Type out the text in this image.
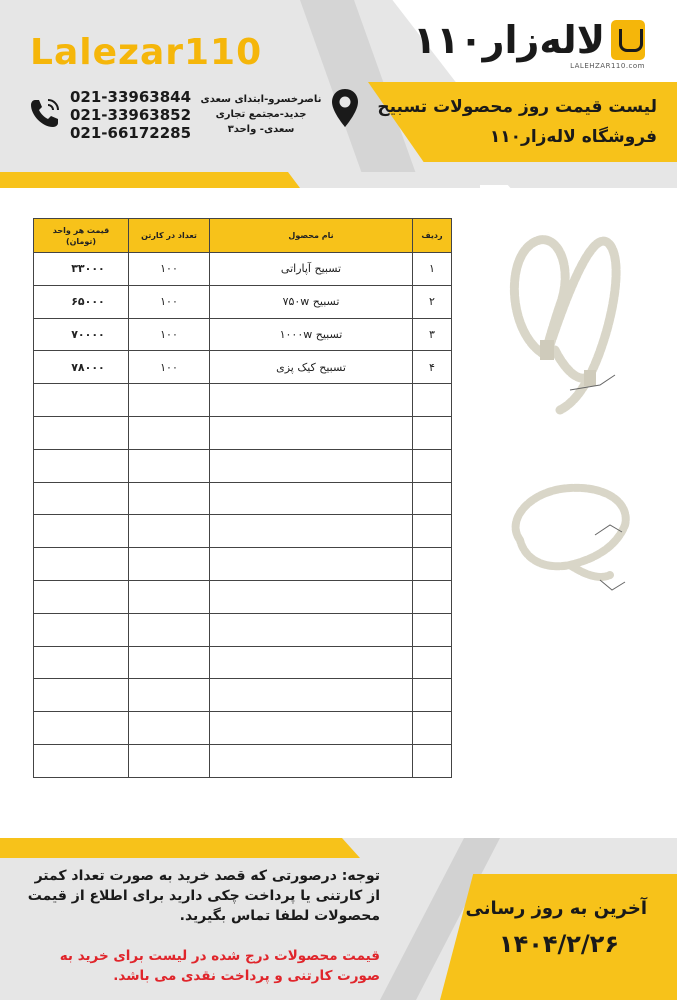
Lalezar110	لاله‌زار۱۱۰
LALEHZAR110.com
لیست قیمت روز محصولات تسبیح
فروشگاه لاله‌زار۱۱۰
021-33963844
021-33963852
021-66172285
ناصرخسرو-ابتدای سعدی
جدید-مجتمع تجاری
سعدی- واحد۳
قیمت هر واحد
(تومان)	تعداد در کارتن	نام محصول	ردیف
۳۳۰۰۰	۱۰۰	تسبیح آپاراتی	۱
۶۵۰۰۰	۱۰۰	تسبیح ۷۵۰w	۲
۷۰۰۰۰	۱۰۰	تسبیح ۱۰۰۰w	۳
۷۸۰۰۰	۱۰۰	تسبیح کیک پزی	۴

توجه: درصورتی که قصد خرید به صورت تعداد کمتر از کارتنی یا پرداخت چکی دارید برای اطلاع از قیمت محصولات لطفا تماس بگیرید.
قیمت محصولات درج شده در لیست برای خرید به صورت کارتنی و پرداخت نقدی می باشد.
آخرین به روز رسانی
۱۴۰۴/۲/۲۶
